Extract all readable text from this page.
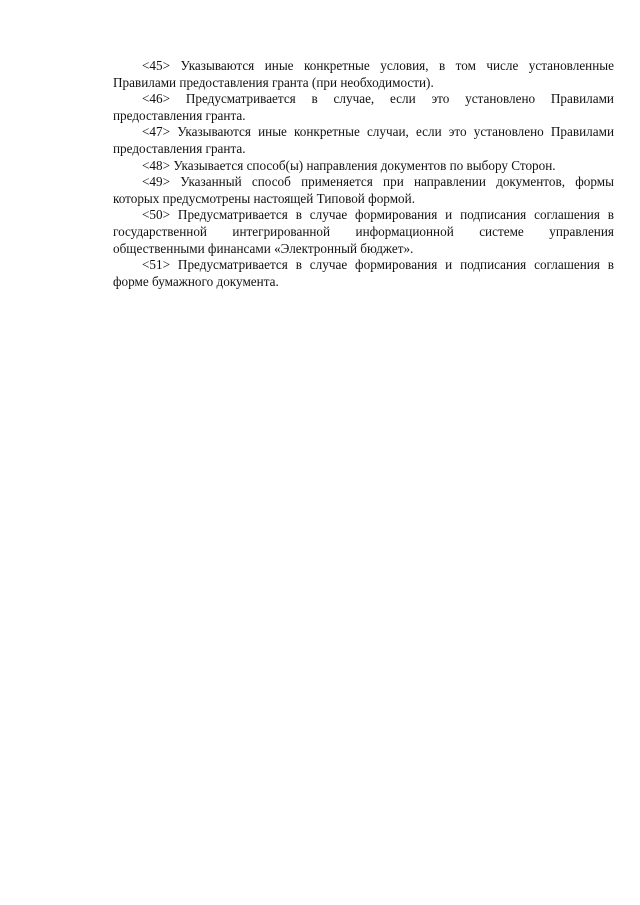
<45> Указываются иные конкретные условия, в том числе установленные Правилами предоставления гранта (при необходимости).

<46> Предусматривается в случае, если это установлено Правилами предоставления гранта.

<47> Указываются иные конкретные случаи, если это установлено Правилами предоставления гранта.

<48> Указывается способ(ы) направления документов по выбору Сторон.

<49> Указанный способ применяется при направлении документов, формы которых предусмотрены настоящей Типовой формой.

<50> Предусматривается в случае формирования и подписания соглашения в государственной интегрированной информационной системе управления общественными финансами «Электронный бюджет».

<51> Предусматривается в случае формирования и подписания соглашения в форме бумажного документа.
